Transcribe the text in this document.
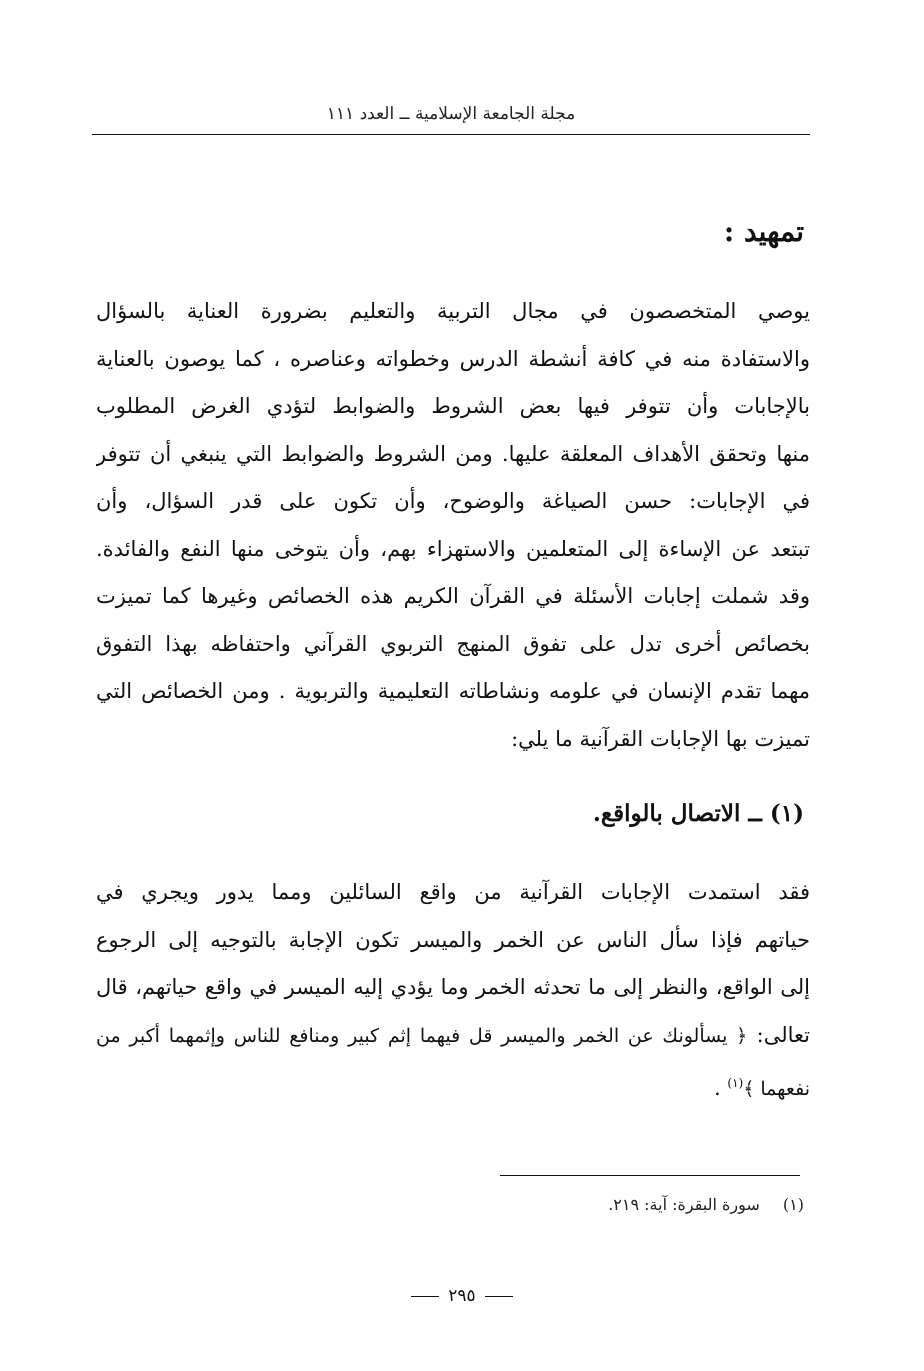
مجلة الجامعة الإسلامية ــ العدد ١١١
تمهيد :
يوصي المتخصصون في مجال التربية والتعليم بضرورة العناية بالسؤال
والاستفادة منه في كافة أنشطة الدرس وخطواته وعناصره ، كما يوصون بالعناية
بالإجابات وأن تتوفر فيها بعض الشروط والضوابط لتؤدي الغرض المطلوب
منها وتحقق الأهداف المعلقة عليها. ومن الشروط والضوابط التي ينبغي أن تتوفر
في الإجابات: حسن الصياغة والوضوح، وأن تكون على قدر السؤال، وأن
تبتعد عن الإساءة إلى المتعلمين والاستهزاء بهم، وأن يتوخى منها النفع والفائدة.
وقد شملت إجابات الأسئلة في القرآن الكريم هذه الخصائص وغيرها كما تميزت
بخصائص أخرى تدل على تفوق المنهج التربوي القرآني واحتفاظه بهذا التفوق
مهما تقدم الإنسان في علومه ونشاطاته التعليمية والتربوية . ومن الخصائص التي
تميزت بها الإجابات القرآنية ما يلي:
(١) ــ الاتصال بالواقع.
فقد استمدت الإجابات القرآنية من واقع السائلين ومما يدور ويجري في
حياتهم فإذا سأل الناس عن الخمر والميسر تكون الإجابة بالتوجيه إلى الرجوع
إلى الواقع، والنظر إلى ما تحدثه الخمر وما يؤدي إليه الميسر في واقع حياتهم، قال
تعالى: ﴿ يسألونك عن الخمر والميسر قل فيهما إثم كبير ومنافع للناس وإثمهما أكبر من
نفعهما ﴾$^{(١)}$ .
(١) سورة البقرة: آية: ٢١٩.
٢٩٥
